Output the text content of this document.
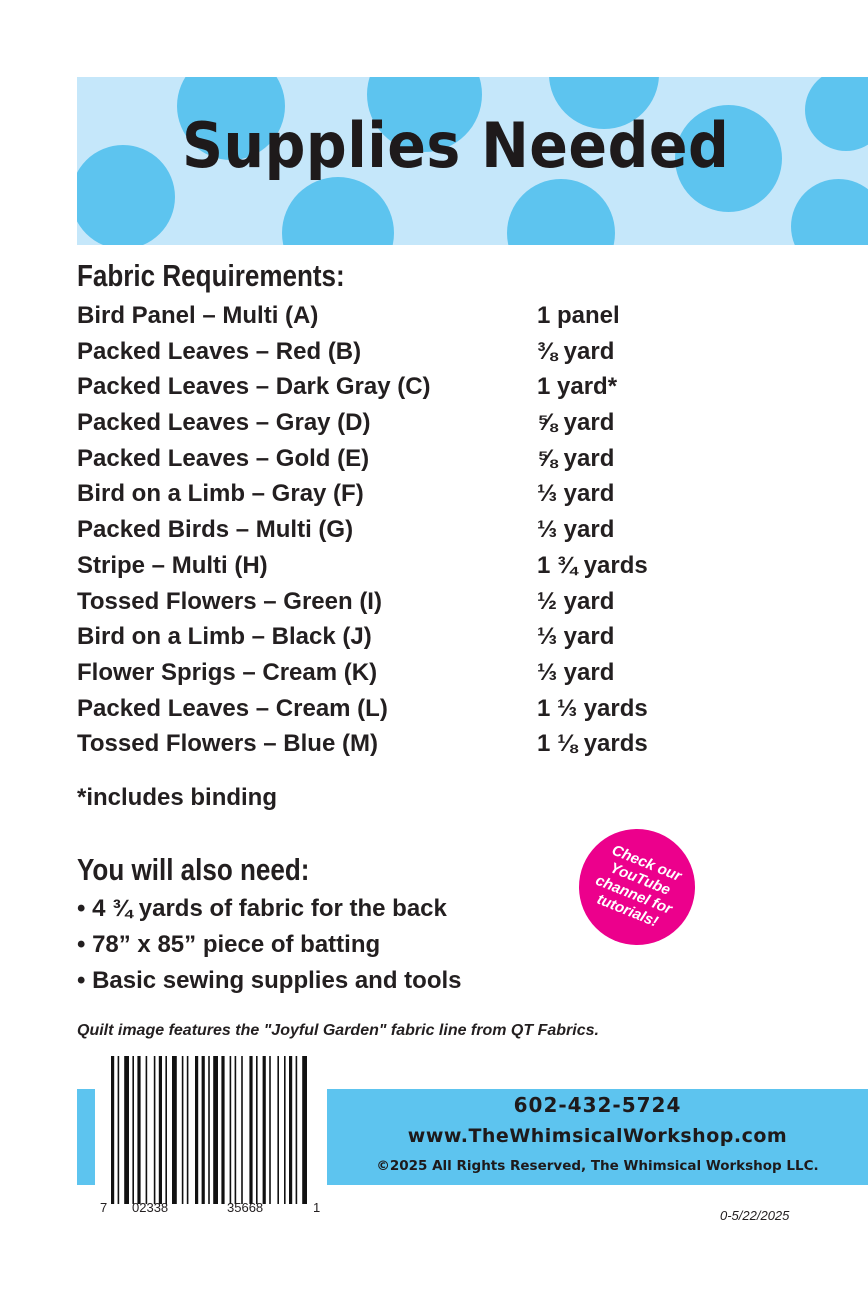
Supplies Needed
Fabric Requirements:
Bird Panel – Multi (A)	1 panel
Packed Leaves – Red (B)	⅜ yard
Packed Leaves – Dark Gray (C)	1 yard*
Packed Leaves – Gray (D)	⅝ yard
Packed Leaves – Gold (E)	⅝ yard
Bird on a Limb – Gray (F)	⅓ yard
Packed Birds – Multi (G)	⅓ yard
Stripe – Multi (H)	1 ¾ yards
Tossed Flowers – Green (I)	½ yard
Bird on a Limb – Black (J)	⅓ yard
Flower Sprigs – Cream (K)	⅓ yard
Packed Leaves – Cream (L)	1 ⅓ yards
Tossed Flowers – Blue (M)	1 ⅛ yards
*includes binding
You will also need:
• 4 ¾ yards of fabric for the back
• 78” x 85” piece of batting
• Basic sewing supplies and tools
Check our YouTube channel for tutorials!
Quilt image features the "Joyful Garden" fabric line from QT Fabrics.
602-432-5724
www.TheWhimsicalWorkshop.com
©2025 All Rights Reserved, The Whimsical Workshop LLC.
7 02338	35668	1
0-5/22/2025
